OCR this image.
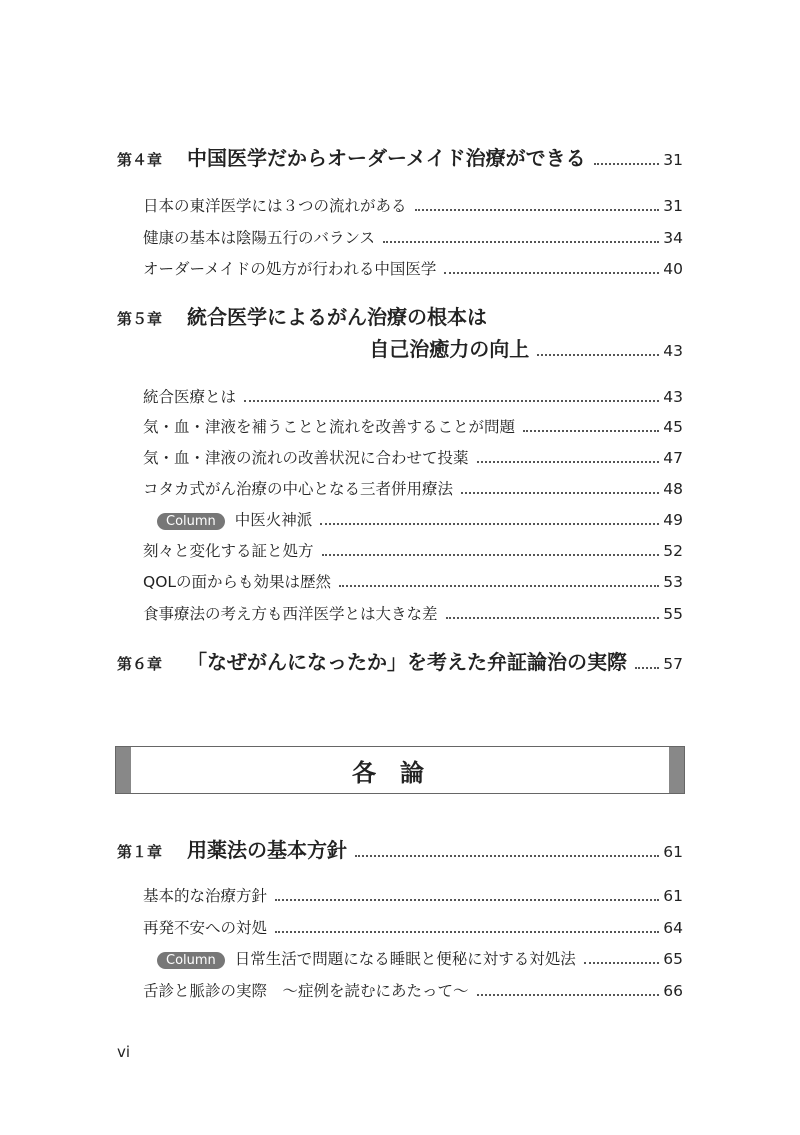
各論
vi
第４章	中国医学だからオーダーメイド治療ができる	31
日本の東洋医学には３つの流れがある	31
健康の基本は陰陽五行のバランス	34
オーダーメイドの処方が行われる中国医学	40
第５章	統合医学によるがん治療の根本は
自己治癒力の向上	43
統合医療とは	43
気・血・津液を補うことと流れを改善することが問題	45
気・血・津液の流れの改善状況に合わせて投薬	47
コタカ式がん治療の中心となる三者併用療法	48
Column	中医火神派	49
刻々と変化する証と処方	52
QOLの面からも効果は歴然	53
食事療法の考え方も西洋医学とは大きな差	55
第６章	「なぜがんになったか」を考えた弁証論治の実際 57
第１章	用薬法の基本方針	61
基本的な治療方針	61
再発不安への対処	64
Column	日常生活で問題になる睡眠と便秘に対する対処法	65
舌診と脈診の実際　～症例を読むにあたって～	66
